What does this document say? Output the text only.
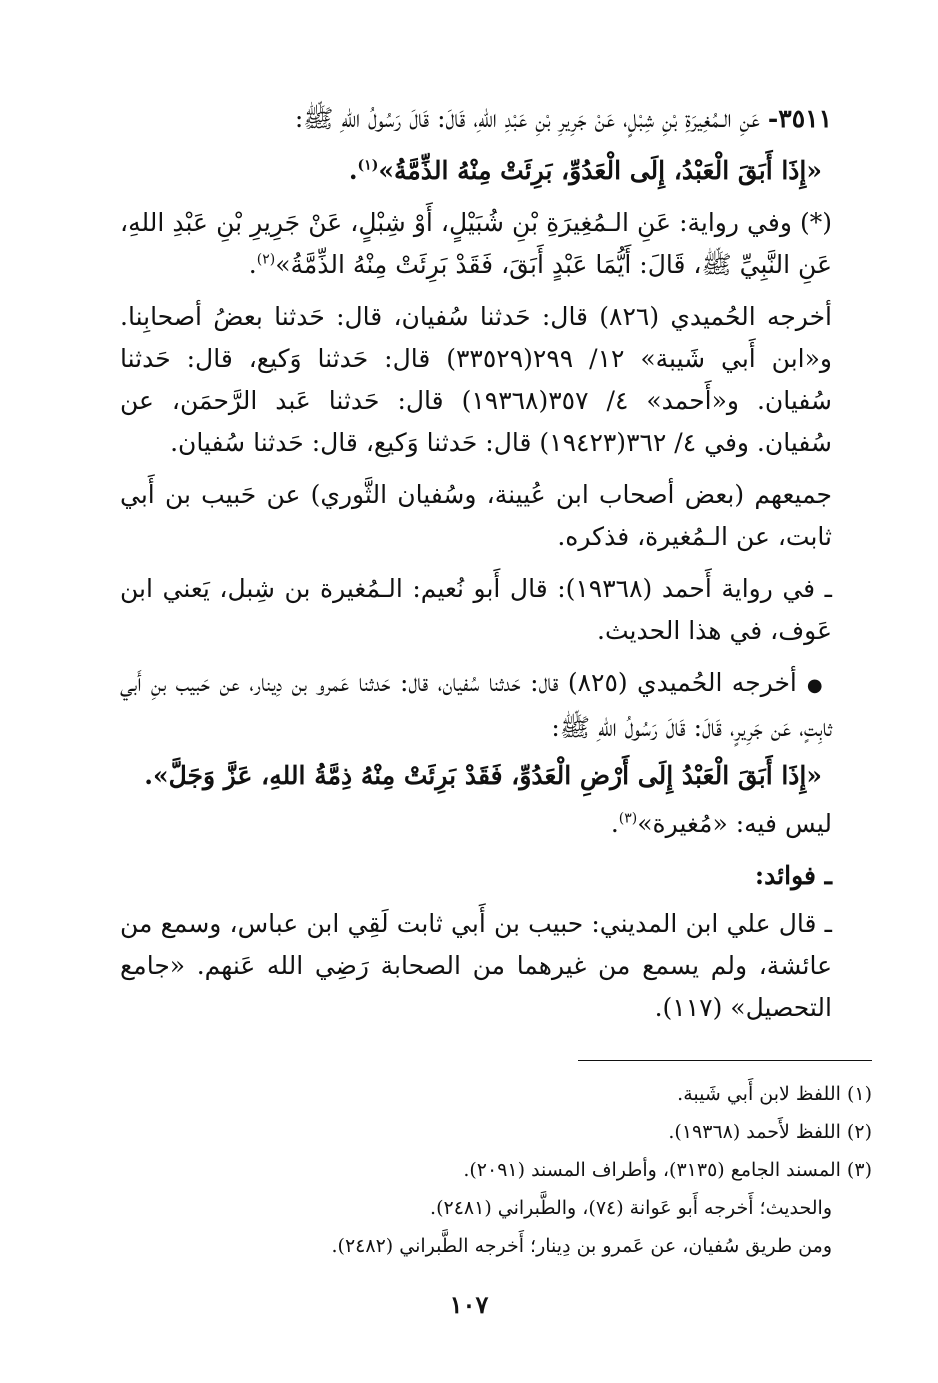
٣٥١١- عَنِ الـمُغِيرَةِ بْنِ شِبْلٍ، عَنْ جَرِيرِ بْنِ عَبْدِ اللهِ، قَالَ: قَالَ رَسُولُ اللهِ ﷺ:

«إِذَا أَبَقَ الْعَبْدُ، إِلَى الْعَدُوِّ، بَرِئَتْ مِنْهُ الذِّمَّةُ»$^{(١)}$.

(*) وفي رواية: عَنِ الـمُغِيرَةِ بْنِ شُبَيْلٍ، أَوْ شِبْلٍ، عَنْ جَرِيرِ بْنِ عَبْدِ اللهِ، عَنِ النَّبِيِّ ﷺ، قَالَ: أَيُّمَا عَبْدٍ أَبَقَ، فَقَدْ بَرِئَتْ مِنْهُ الذِّمَّةُ»$^{(٢)}$.

أخرجه الحُميدي (٨٢٦) قال: حَدثنا سُفيان، قال: حَدثنا بعضُ أصحابِنا. و«ابن أَبي شَيبة» ١٢/ ٢٩٩(٣٣٥٢٩) قال: حَدثنا وَكيع، قال: حَدثنا سُفيان. و«أَحمد» ٤/ ٣٥٧(١٩٣٦٨) قال: حَدثنا عَبد الرَّحمَن، عن سُفيان. وفي ٤/ ٣٦٢(١٩٤٢٣) قال: حَدثنا وَكيع، قال: حَدثنا سُفيان.

جميعهم (بعض أصحاب ابن عُيينة، وسُفيان الثَّوري) عن حَبيب بن أَبي ثابت، عن الـمُغيرة، فذكره.

ـ في رواية أَحمد (١٩٣٦٨): قال أَبو نُعيم: الـمُغيرة بن شِبل، يَعني ابن عَوف، في هذا الحديث.

●أخرجه الحُميدي (٨٢٥) قال: حَدثنا سُفيان، قال: حَدثنا عَمرو بن دِينار، عن حَبيب بنِ أَبي ثابِتٍ، عَن جَرِيرٍ، قَالَ: قَالَ رَسُولُ اللهِ ﷺ:

«إِذَا أَبَقَ الْعَبْدُ إِلَى أَرْضِ الْعَدُوِّ، فَقَدْ بَرِئَتْ مِنْهُ ذِمَّةُ اللهِ، عَزَّ وَجَلَّ».

ليس فيه: «مُغيرة»$^{(٣)}$.

ـ فوائد:

ـ قال علي ابن المديني: حبيب بن أَبي ثابت لَقِي ابن عباس، وسمع من عائشة، ولم يسمع من غيرهما من الصحابة رَضِي الله عَنهم. «جامع التحصيل» (١١٧).

(١) اللفظ لابن أَبي شَيبة.

(٢) اللفظ لأَحمد (١٩٣٦٨).

(٣) المسند الجامع (٣١٣٥)، وأطراف المسند (٢٠٩١).

والحديث؛ أَخرجه أَبو عَوانة (٧٤)، والطَّبراني (٢٤٨١).

ومن طريق سُفيان، عن عَمرو بن دِينار؛ أَخرجه الطَّبراني (٢٤٨٢).

١٠٧
